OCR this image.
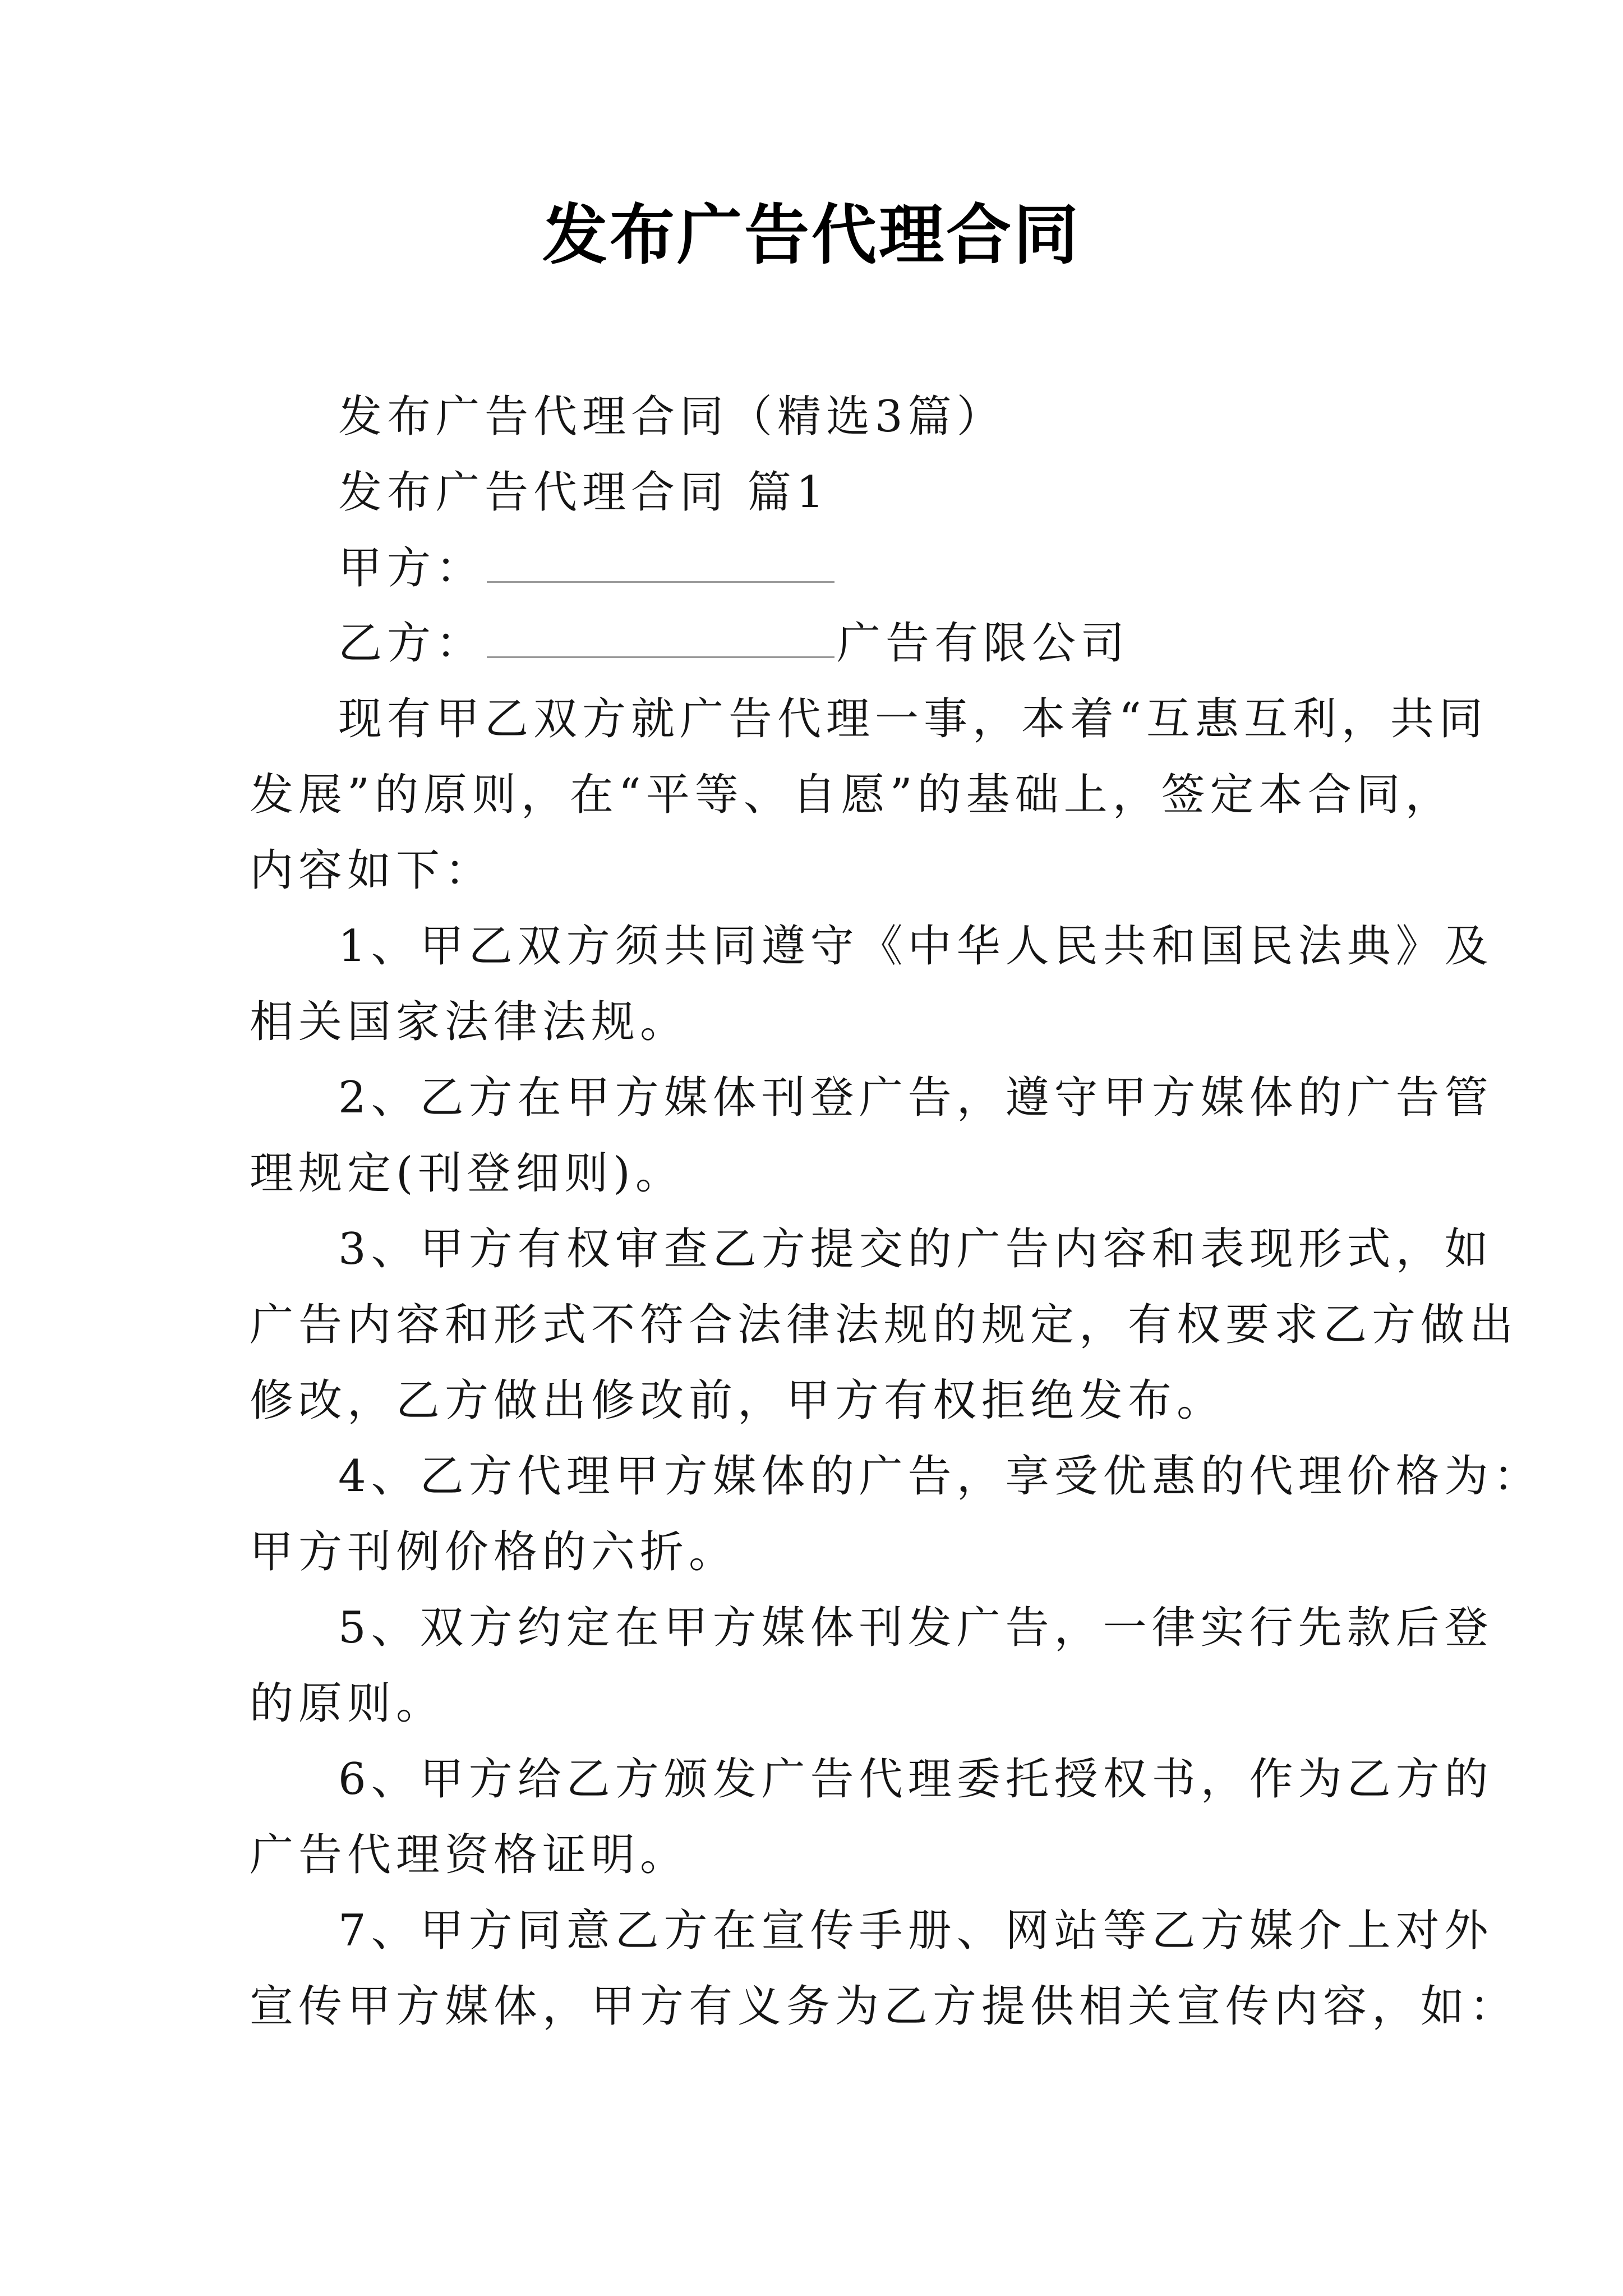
发布广告代理合同
发布广告代理合同（精选3篇）
发布广告代理合同 篇1
甲方：
乙方：	广告有限公司
现有甲乙双方就广告代理一事，本着“互惠互利，共同
发展”的原则，在“平等、自愿”的基础上，签定本合同，
内容如下：
1、甲乙双方须共同遵守《中华人民共和国民法典》及
相关国家法律法规。
2、乙方在甲方媒体刊登广告，遵守甲方媒体的广告管
理规定(刊登细则)。
3、甲方有权审查乙方提交的广告内容和表现形式，如
广告内容和形式不符合法律法规的规定，有权要求乙方做出
修改，乙方做出修改前，甲方有权拒绝发布。
4、乙方代理甲方媒体的广告，享受优惠的代理价格为：
甲方刊例价格的六折。
5、双方约定在甲方媒体刊发广告，一律实行先款后登
的原则。
6、甲方给乙方颁发广告代理委托授权书，作为乙方的
广告代理资格证明。
7、甲方同意乙方在宣传手册、网站等乙方媒介上对外
宣传甲方媒体，甲方有义务为乙方提供相关宣传内容，如：
